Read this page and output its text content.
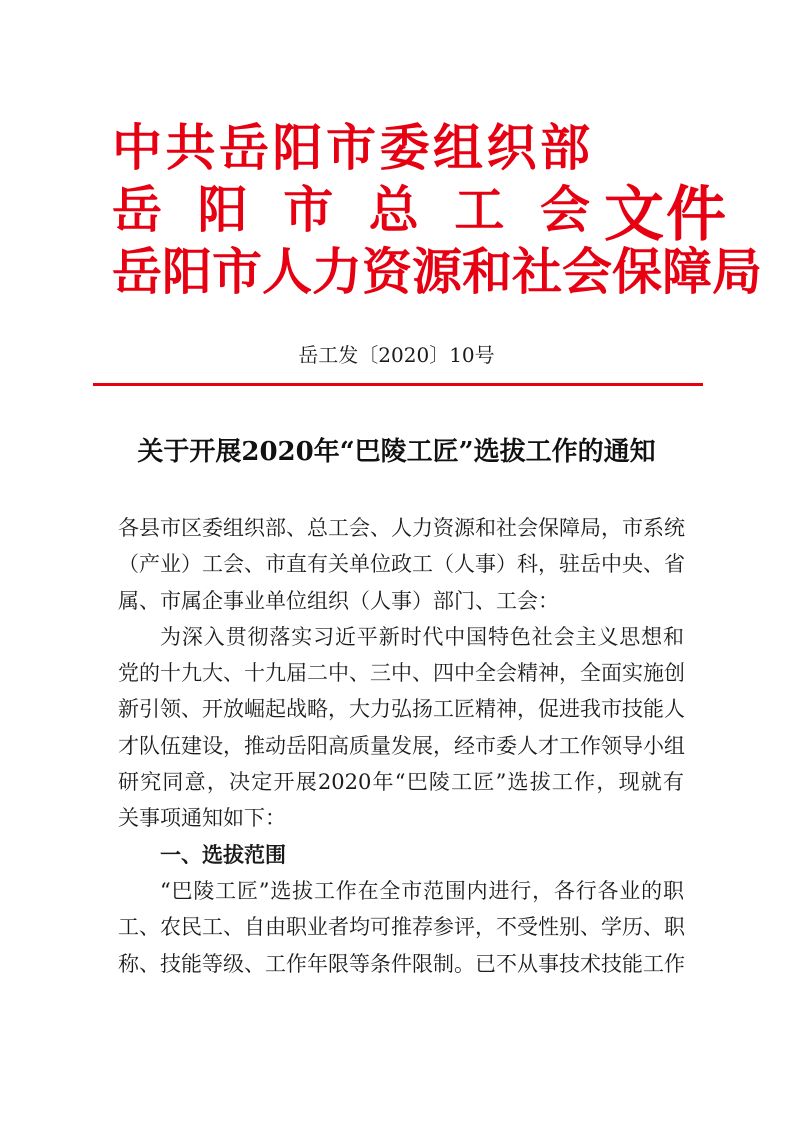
中 共 岳 阳 市 委 组 织 部
岳 阳 市 总 工 会
岳 阳 市 人 力 资 源 和 社 会 保 障 局
文件
岳工发〔2020〕10号
关于开展2020年“巴陵工匠”选拔工作的通知
各县市区委组织部、总工会、人力资源和社会保障局，市系统
（产业）工会、市直有关单位政工（人事）科，驻岳中央、省
属、市属企事业单位组织（人事）部门、工会：
为深入贯彻落实习近平新时代中国特色社会主义思想和
党的十九大、十九届二中、三中、四中全会精神，全面实施创
新引领、开放崛起战略，大力弘扬工匠精神，促进我市技能人
才队伍建设，推动岳阳高质量发展，经市委人才工作领导小组
研究同意，决定开展2020年“巴陵工匠”选拔工作，现就有
关事项通知如下：
一、选拔范围
“巴陵工匠”选拔工作在全市范围内进行，各行各业的职
工、农民工、自由职业者均可推荐参评，不受性别、学历、职
称、技能等级、工作年限等条件限制。已不从事技术技能工作
